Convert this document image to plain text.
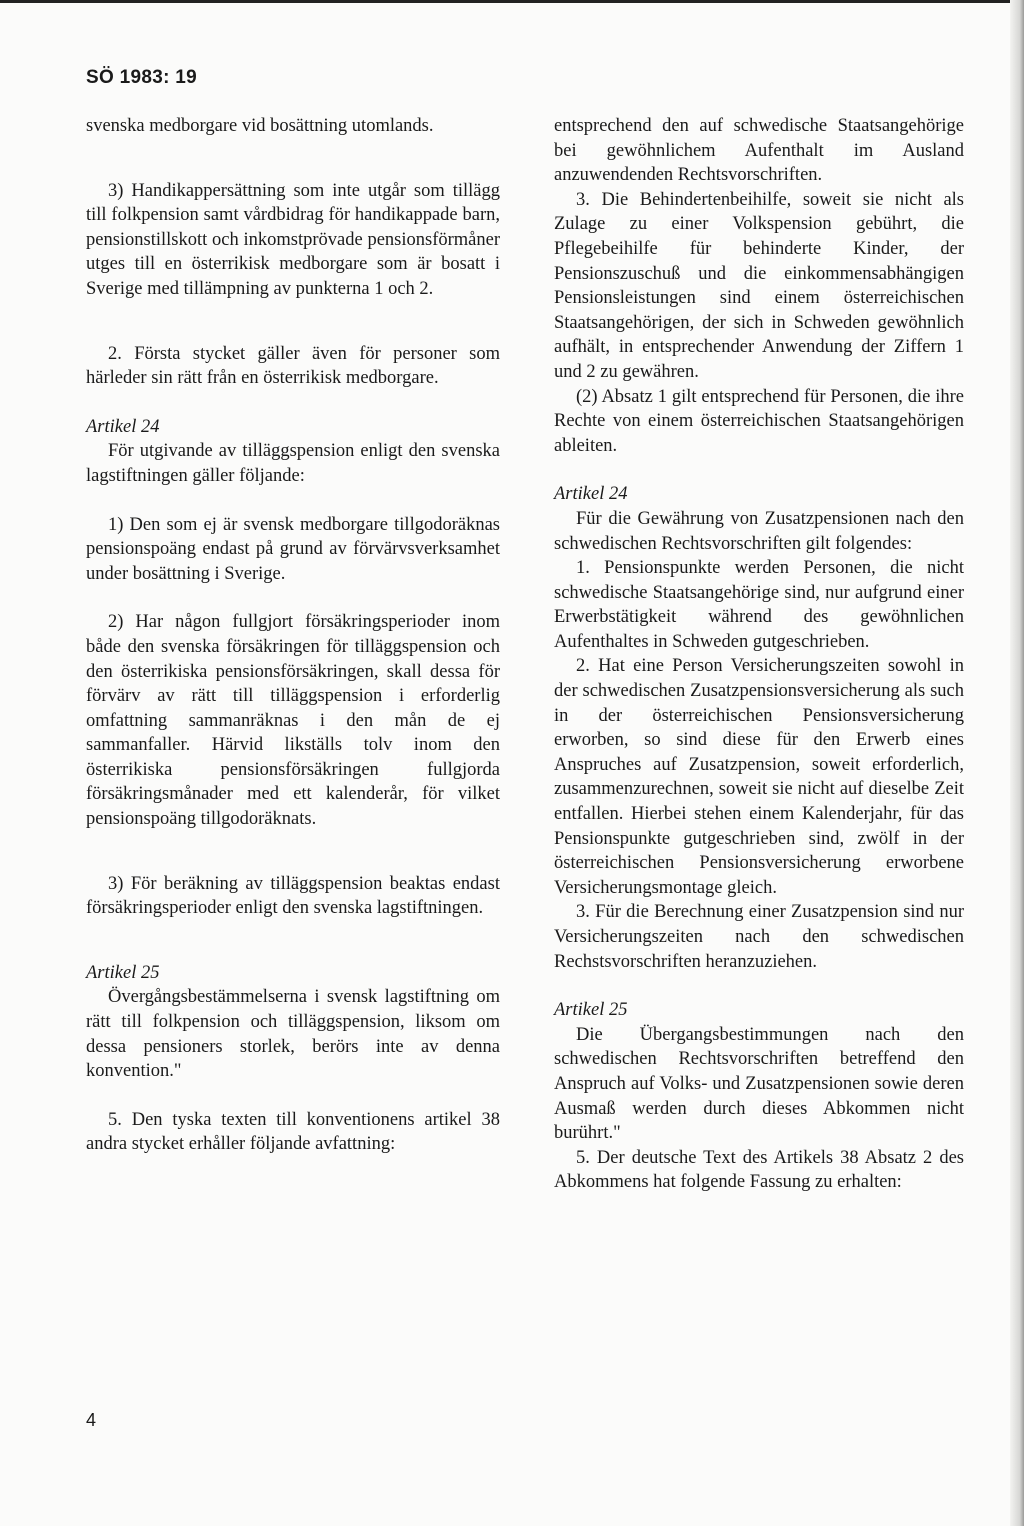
SÖ 1983: 19

svenska medborgare vid bosättning utomlands.

3) Handikappersättning som inte utgår som tillägg till folkpension samt vårdbidrag för handikappade barn, pensionstillskott och inkomstprövade pensionsförmåner utges till en österrikisk medborgare som är bosatt i Sverige med tillämpning av punkterna 1 och 2.

2. Första stycket gäller även för personer som härleder sin rätt från en österrikisk medborgare.

Artikel 24

För utgivande av tilläggspension enligt den svenska lagstiftningen gäller följande:

1) Den som ej är svensk medborgare tillgodoräknas pensionspoäng endast på grund av förvärvsverksamhet under bosättning i Sverige.

2) Har någon fullgjort försäkringsperioder inom både den svenska försäkringen för tilläggspension och den österrikiska pensionsförsäkringen, skall dessa för förvärv av rätt till tilläggspension i erforderlig omfattning sammanräknas i den mån de ej sammanfaller. Härvid likställs tolv inom den österrikiska pensionsförsäkringen fullgjorda försäkringsmånader med ett kalenderår, för vilket pensionspoäng tillgodoräknats.

3) För beräkning av tilläggspension beaktas endast försäkringsperioder enligt den svenska lagstiftningen.

Artikel 25

Övergångsbestämmelserna i svensk lagstiftning om rätt till folkpension och tilläggspension, liksom om dessa pensioners storlek, berörs inte av denna konvention."

5. Den tyska texten till konventionens artikel 38 andra stycket erhåller följande avfattning:

entsprechend den auf schwedische Staatsangehörige bei gewöhnlichem Aufenthalt im Ausland anzuwendenden Rechtsvorschriften.

3. Die Behindertenbeihilfe, soweit sie nicht als Zulage zu einer Volkspension gebührt, die Pflegebeihilfe für behinderte Kinder, der Pensionszuschuß und die einkommensabhängigen Pensionsleistungen sind einem österreichischen Staatsangehörigen, der sich in Schweden gewöhnlich aufhält, in entsprechender Anwendung der Ziffern 1 und 2 zu gewähren.

(2) Absatz 1 gilt entsprechend für Personen, die ihre Rechte von einem österreichischen Staatsangehörigen ableiten.

Artikel 24

Für die Gewährung von Zusatzpensionen nach den schwedischen Rechtsvorschriften gilt folgendes:

1. Pensionspunkte werden Personen, die nicht schwedische Staatsangehörige sind, nur aufgrund einer Erwerbstätigkeit während des gewöhnlichen Aufenthaltes in Schweden gutgeschrieben.

2. Hat eine Person Versicherungszeiten sowohl in der schwedischen Zusatzpensionsversicherung als such in der österreichischen Pensionsversicherung erworben, so sind diese für den Erwerb eines Anspruches auf Zusatzpension, soweit erforderlich, zusammenzurechnen, soweit sie nicht auf dieselbe Zeit entfallen. Hierbei stehen einem Kalenderjahr, für das Pensionspunkte gutgeschrieben sind, zwölf in der österreichischen Pensionsversicherung erworbene Versicherungsmontage gleich.

3. Für die Berechnung einer Zusatzpension sind nur Versicherungszeiten nach den schwedischen Rechstsvorschriften heranzuziehen.

Artikel 25

Die Übergangsbestimmungen nach den schwedischen Rechtsvorschriften betreffend den Anspruch auf Volks- und Zusatzpensionen sowie deren Ausmaß werden durch dieses Abkommen nicht burührt."

5. Der deutsche Text des Artikels 38 Absatz 2 des Abkommens hat folgende Fassung zu erhalten:

4
